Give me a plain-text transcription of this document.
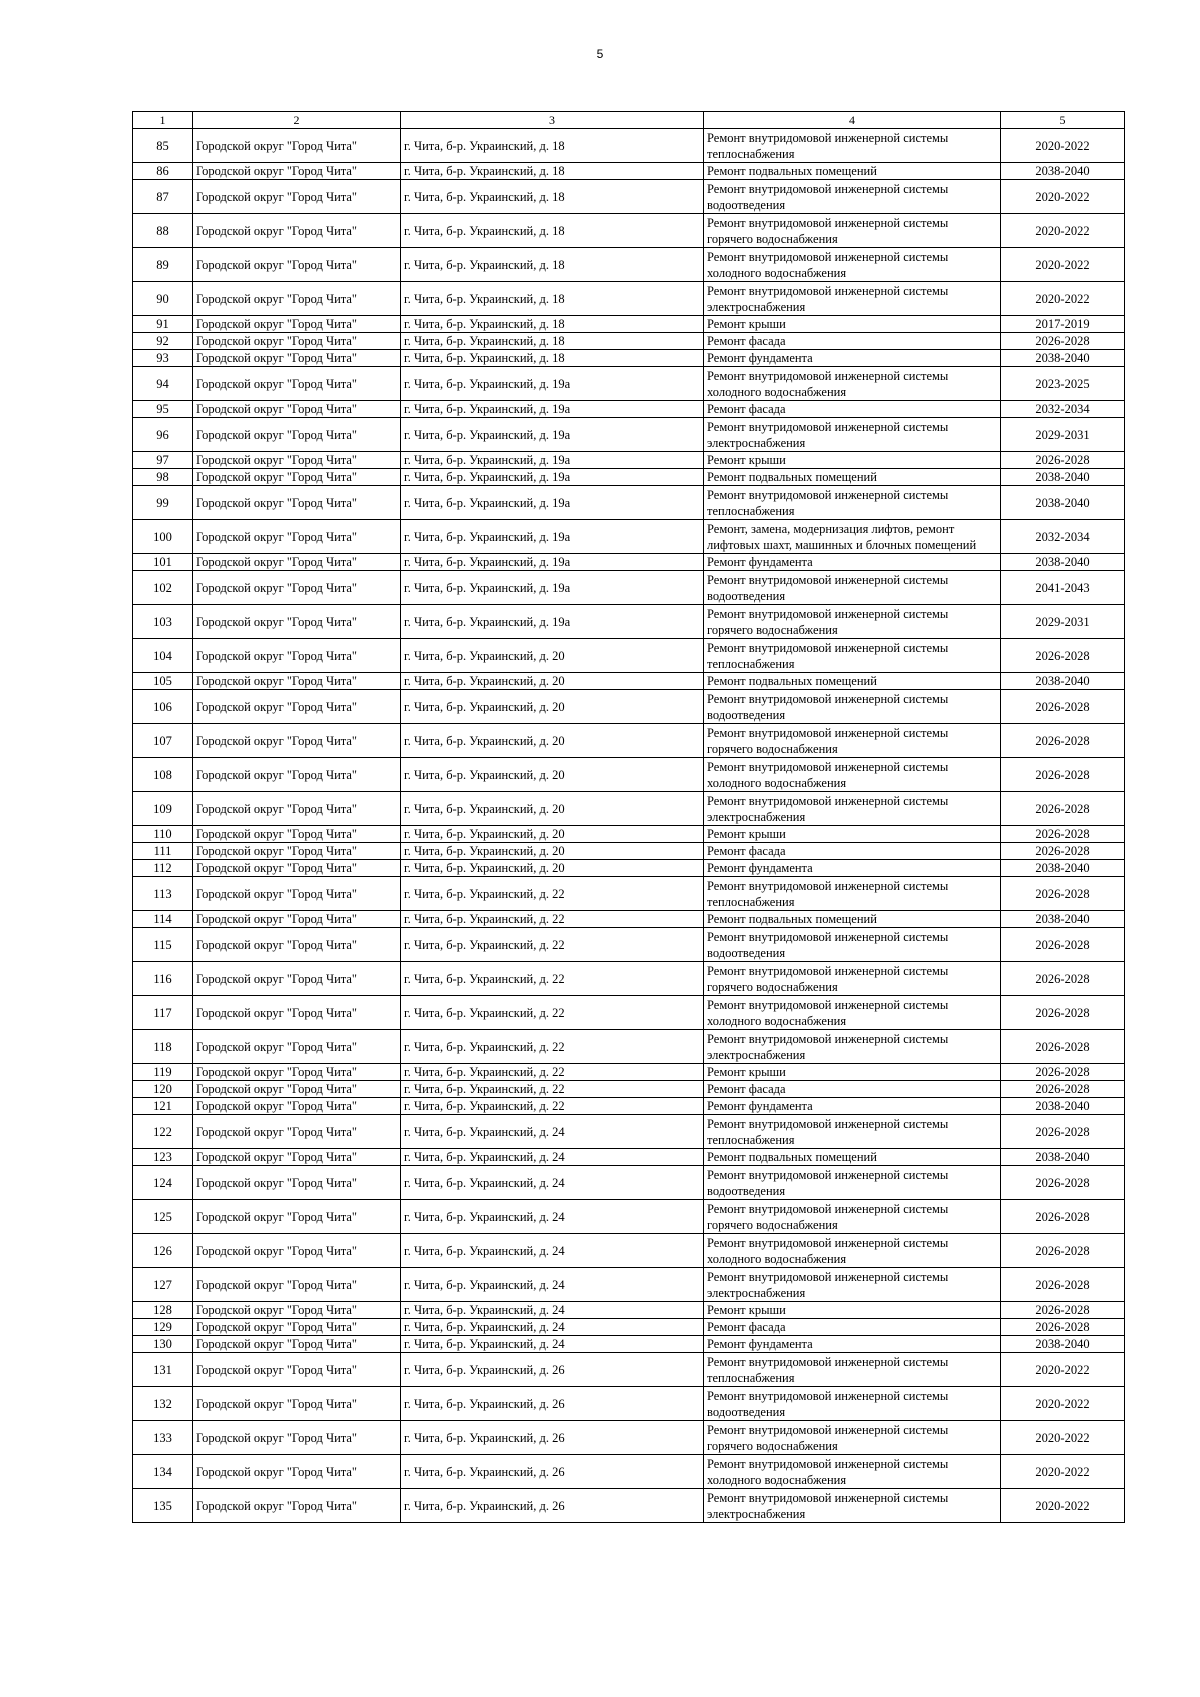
5
1	2	3	4	5
85	Городской округ "Город Чита"	г. Чита, б-р. Украинский, д. 18	Ремонт внутридомовой инженерной системы теплоснабжения	2020-2022
86	Городской округ "Город Чита"	г. Чита, б-р. Украинский, д. 18	Ремонт подвальных помещений	2038-2040
87	Городской округ "Город Чита"	г. Чита, б-р. Украинский, д. 18	Ремонт внутридомовой инженерной системы водоотведения	2020-2022
88	Городской округ "Город Чита"	г. Чита, б-р. Украинский, д. 18	Ремонт внутридомовой инженерной системы горячего водоснабжения	2020-2022
89	Городской округ "Город Чита"	г. Чита, б-р. Украинский, д. 18	Ремонт внутридомовой инженерной системы холодного водоснабжения	2020-2022
90	Городской округ "Город Чита"	г. Чита, б-р. Украинский, д. 18	Ремонт внутридомовой инженерной системы электроснабжения	2020-2022
91	Городской округ "Город Чита"	г. Чита, б-р. Украинский, д. 18	Ремонт крыши	2017-2019
92	Городской округ "Город Чита"	г. Чита, б-р. Украинский, д. 18	Ремонт фасада	2026-2028
93	Городской округ "Город Чита"	г. Чита, б-р. Украинский, д. 18	Ремонт фундамента	2038-2040
94	Городской округ "Город Чита"	г. Чита, б-р. Украинский, д. 19а	Ремонт внутридомовой инженерной системы холодного водоснабжения	2023-2025
95	Городской округ "Город Чита"	г. Чита, б-р. Украинский, д. 19а	Ремонт фасада	2032-2034
96	Городской округ "Город Чита"	г. Чита, б-р. Украинский, д. 19а	Ремонт внутридомовой инженерной системы электроснабжения	2029-2031
97	Городской округ "Город Чита"	г. Чита, б-р. Украинский, д. 19а	Ремонт крыши	2026-2028
98	Городской округ "Город Чита"	г. Чита, б-р. Украинский, д. 19а	Ремонт подвальных помещений	2038-2040
99	Городской округ "Город Чита"	г. Чита, б-р. Украинский, д. 19а	Ремонт внутридомовой инженерной системы теплоснабжения	2038-2040
100	Городской округ "Город Чита"	г. Чита, б-р. Украинский, д. 19а	Ремонт, замена, модернизация лифтов, ремонт лифтовых шахт, машинных и блочных помещений	2032-2034
101	Городской округ "Город Чита"	г. Чита, б-р. Украинский, д. 19а	Ремонт фундамента	2038-2040
102	Городской округ "Город Чита"	г. Чита, б-р. Украинский, д. 19а	Ремонт внутридомовой инженерной системы водоотведения	2041-2043
103	Городской округ "Город Чита"	г. Чита, б-р. Украинский, д. 19а	Ремонт внутридомовой инженерной системы горячего водоснабжения	2029-2031
104	Городской округ "Город Чита"	г. Чита, б-р. Украинский, д. 20	Ремонт внутридомовой инженерной системы теплоснабжения	2026-2028
105	Городской округ "Город Чита"	г. Чита, б-р. Украинский, д. 20	Ремонт подвальных помещений	2038-2040
106	Городской округ "Город Чита"	г. Чита, б-р. Украинский, д. 20	Ремонт внутридомовой инженерной системы водоотведения	2026-2028
107	Городской округ "Город Чита"	г. Чита, б-р. Украинский, д. 20	Ремонт внутридомовой инженерной системы горячего водоснабжения	2026-2028
108	Городской округ "Город Чита"	г. Чита, б-р. Украинский, д. 20	Ремонт внутридомовой инженерной системы холодного водоснабжения	2026-2028
109	Городской округ "Город Чита"	г. Чита, б-р. Украинский, д. 20	Ремонт внутридомовой инженерной системы электроснабжения	2026-2028
110	Городской округ "Город Чита"	г. Чита, б-р. Украинский, д. 20	Ремонт крыши	2026-2028
111	Городской округ "Город Чита"	г. Чита, б-р. Украинский, д. 20	Ремонт фасада	2026-2028
112	Городской округ "Город Чита"	г. Чита, б-р. Украинский, д. 20	Ремонт фундамента	2038-2040
113	Городской округ "Город Чита"	г. Чита, б-р. Украинский, д. 22	Ремонт внутридомовой инженерной системы теплоснабжения	2026-2028
114	Городской округ "Город Чита"	г. Чита, б-р. Украинский, д. 22	Ремонт подвальных помещений	2038-2040
115	Городской округ "Город Чита"	г. Чита, б-р. Украинский, д. 22	Ремонт внутридомовой инженерной системы водоотведения	2026-2028
116	Городской округ "Город Чита"	г. Чита, б-р. Украинский, д. 22	Ремонт внутридомовой инженерной системы горячего водоснабжения	2026-2028
117	Городской округ "Город Чита"	г. Чита, б-р. Украинский, д. 22	Ремонт внутридомовой инженерной системы холодного водоснабжения	2026-2028
118	Городской округ "Город Чита"	г. Чита, б-р. Украинский, д. 22	Ремонт внутридомовой инженерной системы электроснабжения	2026-2028
119	Городской округ "Город Чита"	г. Чита, б-р. Украинский, д. 22	Ремонт крыши	2026-2028
120	Городской округ "Город Чита"	г. Чита, б-р. Украинский, д. 22	Ремонт фасада	2026-2028
121	Городской округ "Город Чита"	г. Чита, б-р. Украинский, д. 22	Ремонт фундамента	2038-2040
122	Городской округ "Город Чита"	г. Чита, б-р. Украинский, д. 24	Ремонт внутридомовой инженерной системы теплоснабжения	2026-2028
123	Городской округ "Город Чита"	г. Чита, б-р. Украинский, д. 24	Ремонт подвальных помещений	2038-2040
124	Городской округ "Город Чита"	г. Чита, б-р. Украинский, д. 24	Ремонт внутридомовой инженерной системы водоотведения	2026-2028
125	Городской округ "Город Чита"	г. Чита, б-р. Украинский, д. 24	Ремонт внутридомовой инженерной системы горячего водоснабжения	2026-2028
126	Городской округ "Город Чита"	г. Чита, б-р. Украинский, д. 24	Ремонт внутридомовой инженерной системы холодного водоснабжения	2026-2028
127	Городской округ "Город Чита"	г. Чита, б-р. Украинский, д. 24	Ремонт внутридомовой инженерной системы электроснабжения	2026-2028
128	Городской округ "Город Чита"	г. Чита, б-р. Украинский, д. 24	Ремонт крыши	2026-2028
129	Городской округ "Город Чита"	г. Чита, б-р. Украинский, д. 24	Ремонт фасада	2026-2028
130	Городской округ "Город Чита"	г. Чита, б-р. Украинский, д. 24	Ремонт фундамента	2038-2040
131	Городской округ "Город Чита"	г. Чита, б-р. Украинский, д. 26	Ремонт внутридомовой инженерной системы теплоснабжения	2020-2022
132	Городской округ "Город Чита"	г. Чита, б-р. Украинский, д. 26	Ремонт внутридомовой инженерной системы водоотведения	2020-2022
133	Городской округ "Город Чита"	г. Чита, б-р. Украинский, д. 26	Ремонт внутридомовой инженерной системы горячего водоснабжения	2020-2022
134	Городской округ "Город Чита"	г. Чита, б-р. Украинский, д. 26	Ремонт внутридомовой инженерной системы холодного водоснабжения	2020-2022
135	Городской округ "Город Чита"	г. Чита, б-р. Украинский, д. 26	Ремонт внутридомовой инженерной системы электроснабжения	2020-2022
